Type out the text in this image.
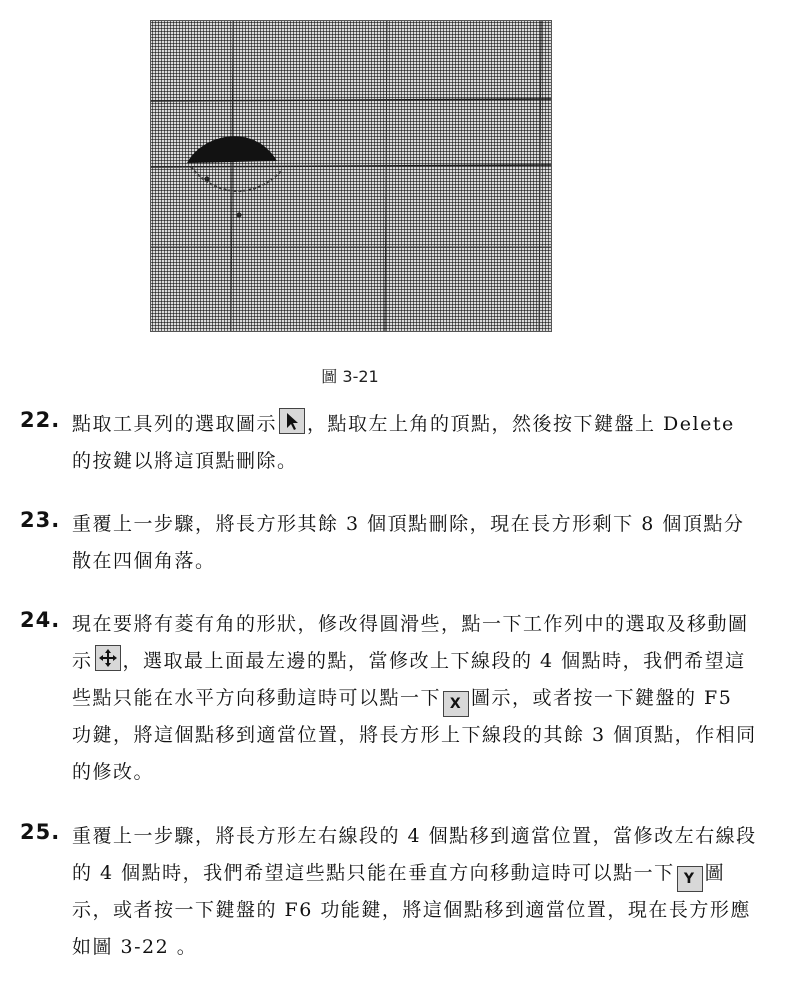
圖 3-21
22. 點取工具列的選取圖示 ，點取左上角的頂點，然後按下鍵盤上 Delete 的按鍵以將這頂點刪除。
23. 重覆上一步驟，將長方形其餘 3 個頂點刪除，現在長方形剩下 8 個頂點分散在四個角落。
24. 現在要將有菱有角的形狀，修改得圓滑些，點一下工作列中的選取及移動圖示 ，選取最上面最左邊的點，當修改上下線段的 4 個點時，我們希望這些點只能在水平方向移動這時可以點一下 X 圖示，或者按一下鍵盤的 F5 功鍵，將這個點移到適當位置，將長方形上下線段的其餘 3 個頂點，作相同的修改。
25. 重覆上一步驟，將長方形左右線段的 4 個點移到適當位置，當修改左右線段的 4 個點時，我們希望這些點只能在垂直方向移動這時可以點一下 Y 圖示，或者按一下鍵盤的 F6 功能鍵，將這個點移到適當位置，現在長方形應如圖 3-22 。
